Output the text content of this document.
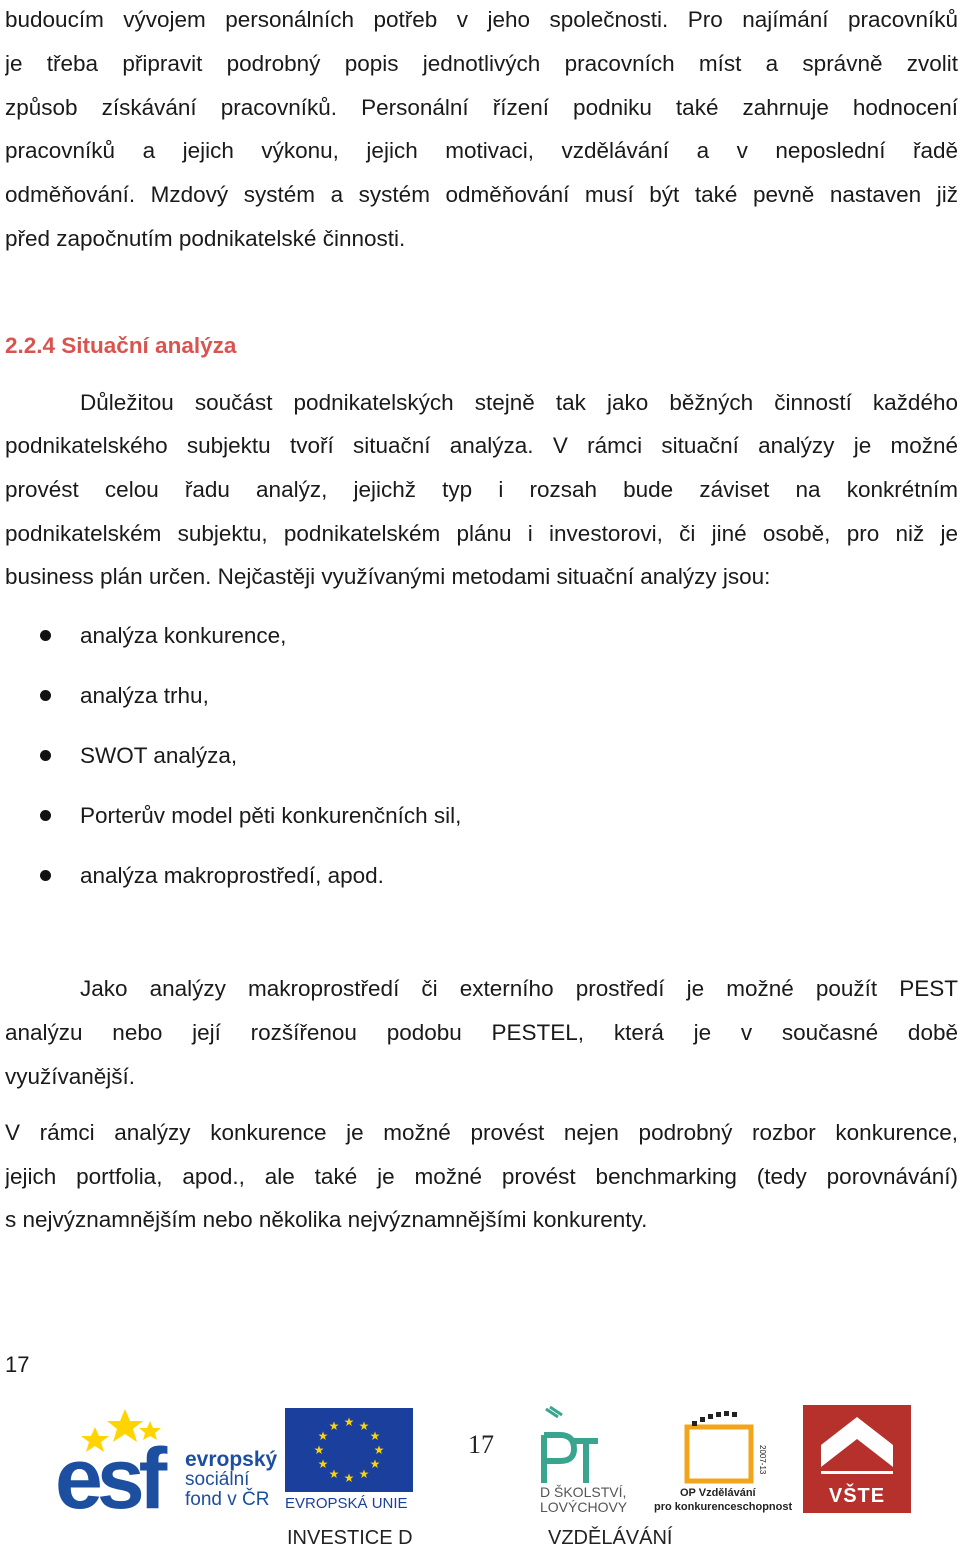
budoucím vývojem personálních potřeb v jeho společnosti. Pro najímání pracovníků
je třeba připravit podrobný popis jednotlivých pracovních míst a správně zvolit
způsob získávání pracovníků. Personální řízení podniku také zahrnuje hodnocení
pracovníků a jejich výkonu, jejich motivaci, vzdělávání a v neposlední řadě
odměňování. Mzdový systém a systém odměňování musí být také pevně nastaven již
před započnutím podnikatelské činnosti.
2.2.4 Situační analýza
Důležitou součást podnikatelských stejně tak jako běžných činností každého
podnikatelského subjektu tvoří situační analýza. V rámci situační analýzy je možné
provést celou řadu analýz, jejichž typ i rozsah bude záviset na konkrétním
podnikatelském subjektu, podnikatelském plánu i investorovi, či jiné osobě, pro niž je
business plán určen. Nejčastěji využívanými metodami situační analýzy jsou:
analýza konkurence,
analýza trhu,
SWOT analýza,
Porterův model pěti konkurenčních sil,
analýza makroprostředí, apod.
Jako analýzy makroprostředí či externího prostředí je možné použít PEST
analýzu nebo její rozšířenou podobu PESTEL, která je v současné době
využívanější.
V rámci analýzy konkurence je možné provést nejen podrobný rozbor konkurence,
jejich portfolia, apod., ale také je možné provést benchmarking (tedy porovnávání)
s nejvýznamnějším nebo několika nejvýznamnějšími konkurenty.
17
esf	evropský
sociální
fond v ČR
★ ★
★
★
★
★
★
★
★
★
★
★
EVROPSKÁ UNIE
17
D ŠKOLSTVÍ,
LOVÝCHOVY
2007-13
OP Vzdělávání
pro konkurenceschopnost	VŠTE
INVESTICE D	VZDĚLÁVÁNÍ
